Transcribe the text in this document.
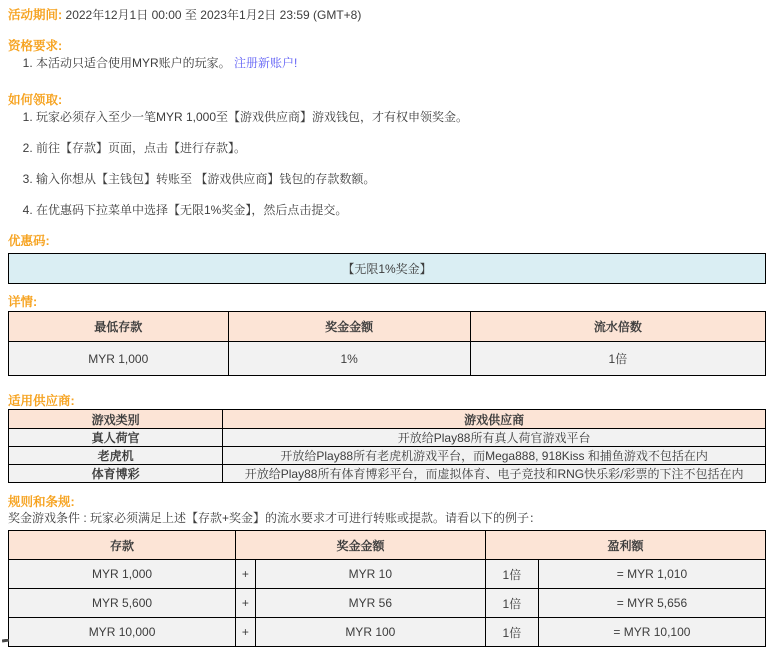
活动期间: 2022年12月1日 00:00 至 2023年1月2日 23:59 (GMT+8)
资格要求:
1. 本活动只适合使用MYR账户的玩家。 注册新账户!
如何领取:
1. 玩家必须存入至少一笔MYR 1,000至【游戏供应商】游戏钱包，才有权申领奖金。
2. 前往【存款】页面，点击【进行存款】。
3. 输入你想从【主钱包】转账至 【游戏供应商】钱包的存款数额。
4. 在优惠码下拉菜单中选择【无限1%奖金】，然后点击提交。
优惠码:
【无限1%奖金】
详情:
最低存款	奖金金额	流水倍数
MYR 1,000	1%	1倍
适用供应商:
游戏类别	游戏供应商
真人荷官	开放给Play88所有真人荷官游戏平台
老虎机	开放给Play88所有老虎机游戏平台，而Mega888, 918Kiss 和捕鱼游戏不包括在内
体育博彩	开放给Play88所有体育博彩平台，而虚拟体育、电子竞技和RNG快乐彩/彩票的下注不包括在内
规则和条规:
奖金游戏条件 : 玩家必须满足上述【存款+奖金】的流水要求才可进行转账或提款。请看以下的例子：
存款	奖金金额		盈利额	
MYR 1,000	+	MYR 10	1倍	= MYR 1,010
MYR 5,600	+	MYR 56	1倍	= MYR 5,656
MYR 10,000	+	MYR 100	1倍	= MYR 10,100
